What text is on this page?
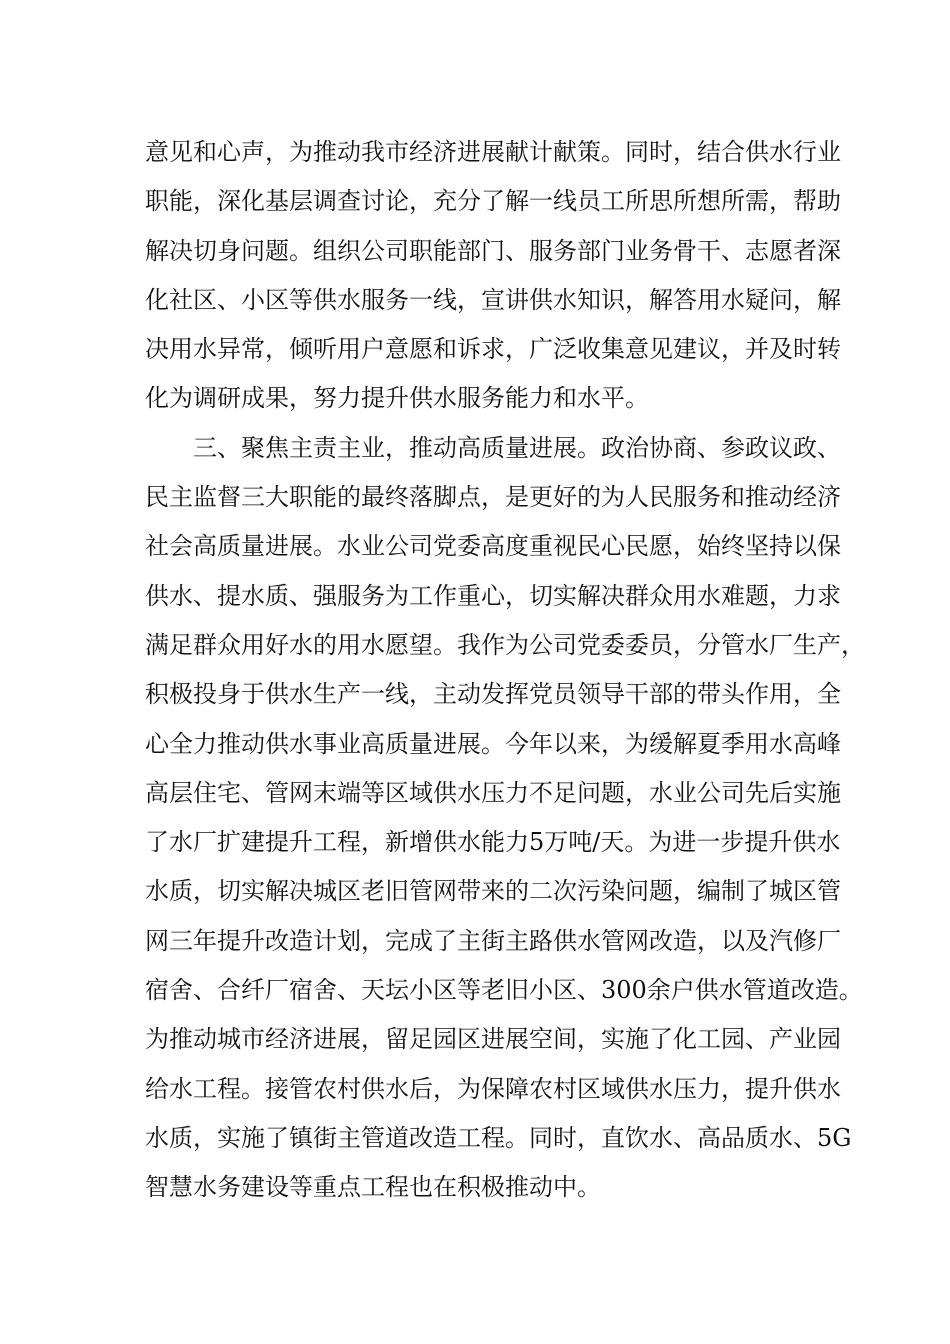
意见和心声，为推动我市经济进展献计献策。同时，结合供水行业
职能，深化基层调查讨论，充分了解一线员工所思所想所需，帮助
解决切身问题。组织公司职能部门、服务部门业务骨干、志愿者深
化社区、小区等供水服务一线，宣讲供水知识，解答用水疑问，解
决用水异常，倾听用户意愿和诉求，广泛收集意见建议，并及时转
化为调研成果，努力提升供水服务能力和水平。
三、聚焦主责主业，推动高质量进展。政治协商、参政议政、
民主监督三大职能的最终落脚点，是更好的为人民服务和推动经济
社会高质量进展。水业公司党委高度重视民心民愿，始终坚持以保
供水、提水质、强服务为工作重心，切实解决群众用水难题，力求
满足群众用好水的用水愿望。我作为公司党委委员，分管水厂生产，
积极投身于供水生产一线，主动发挥党员领导干部的带头作用，全
心全力推动供水事业高质量进展。今年以来，为缓解夏季用水高峰
高层住宅、管网末端等区域供水压力不足问题，水业公司先后实施
了水厂扩建提升工程，新增供水能力5万吨/天。为进一步提升供水
水质，切实解决城区老旧管网带来的二次污染问题，编制了城区管
网三年提升改造计划，完成了主街主路供水管网改造，以及汽修厂
宿舍、合纤厂宿舍、天坛小区等老旧小区、300余户供水管道改造。
为推动城市经济进展，留足园区进展空间，实施了化工园、产业园
给水工程。接管农村供水后，为保障农村区域供水压力，提升供水
水质，实施了镇街主管道改造工程。同时，直饮水、高品质水、5G
智慧水务建设等重点工程也在积极推动中。
